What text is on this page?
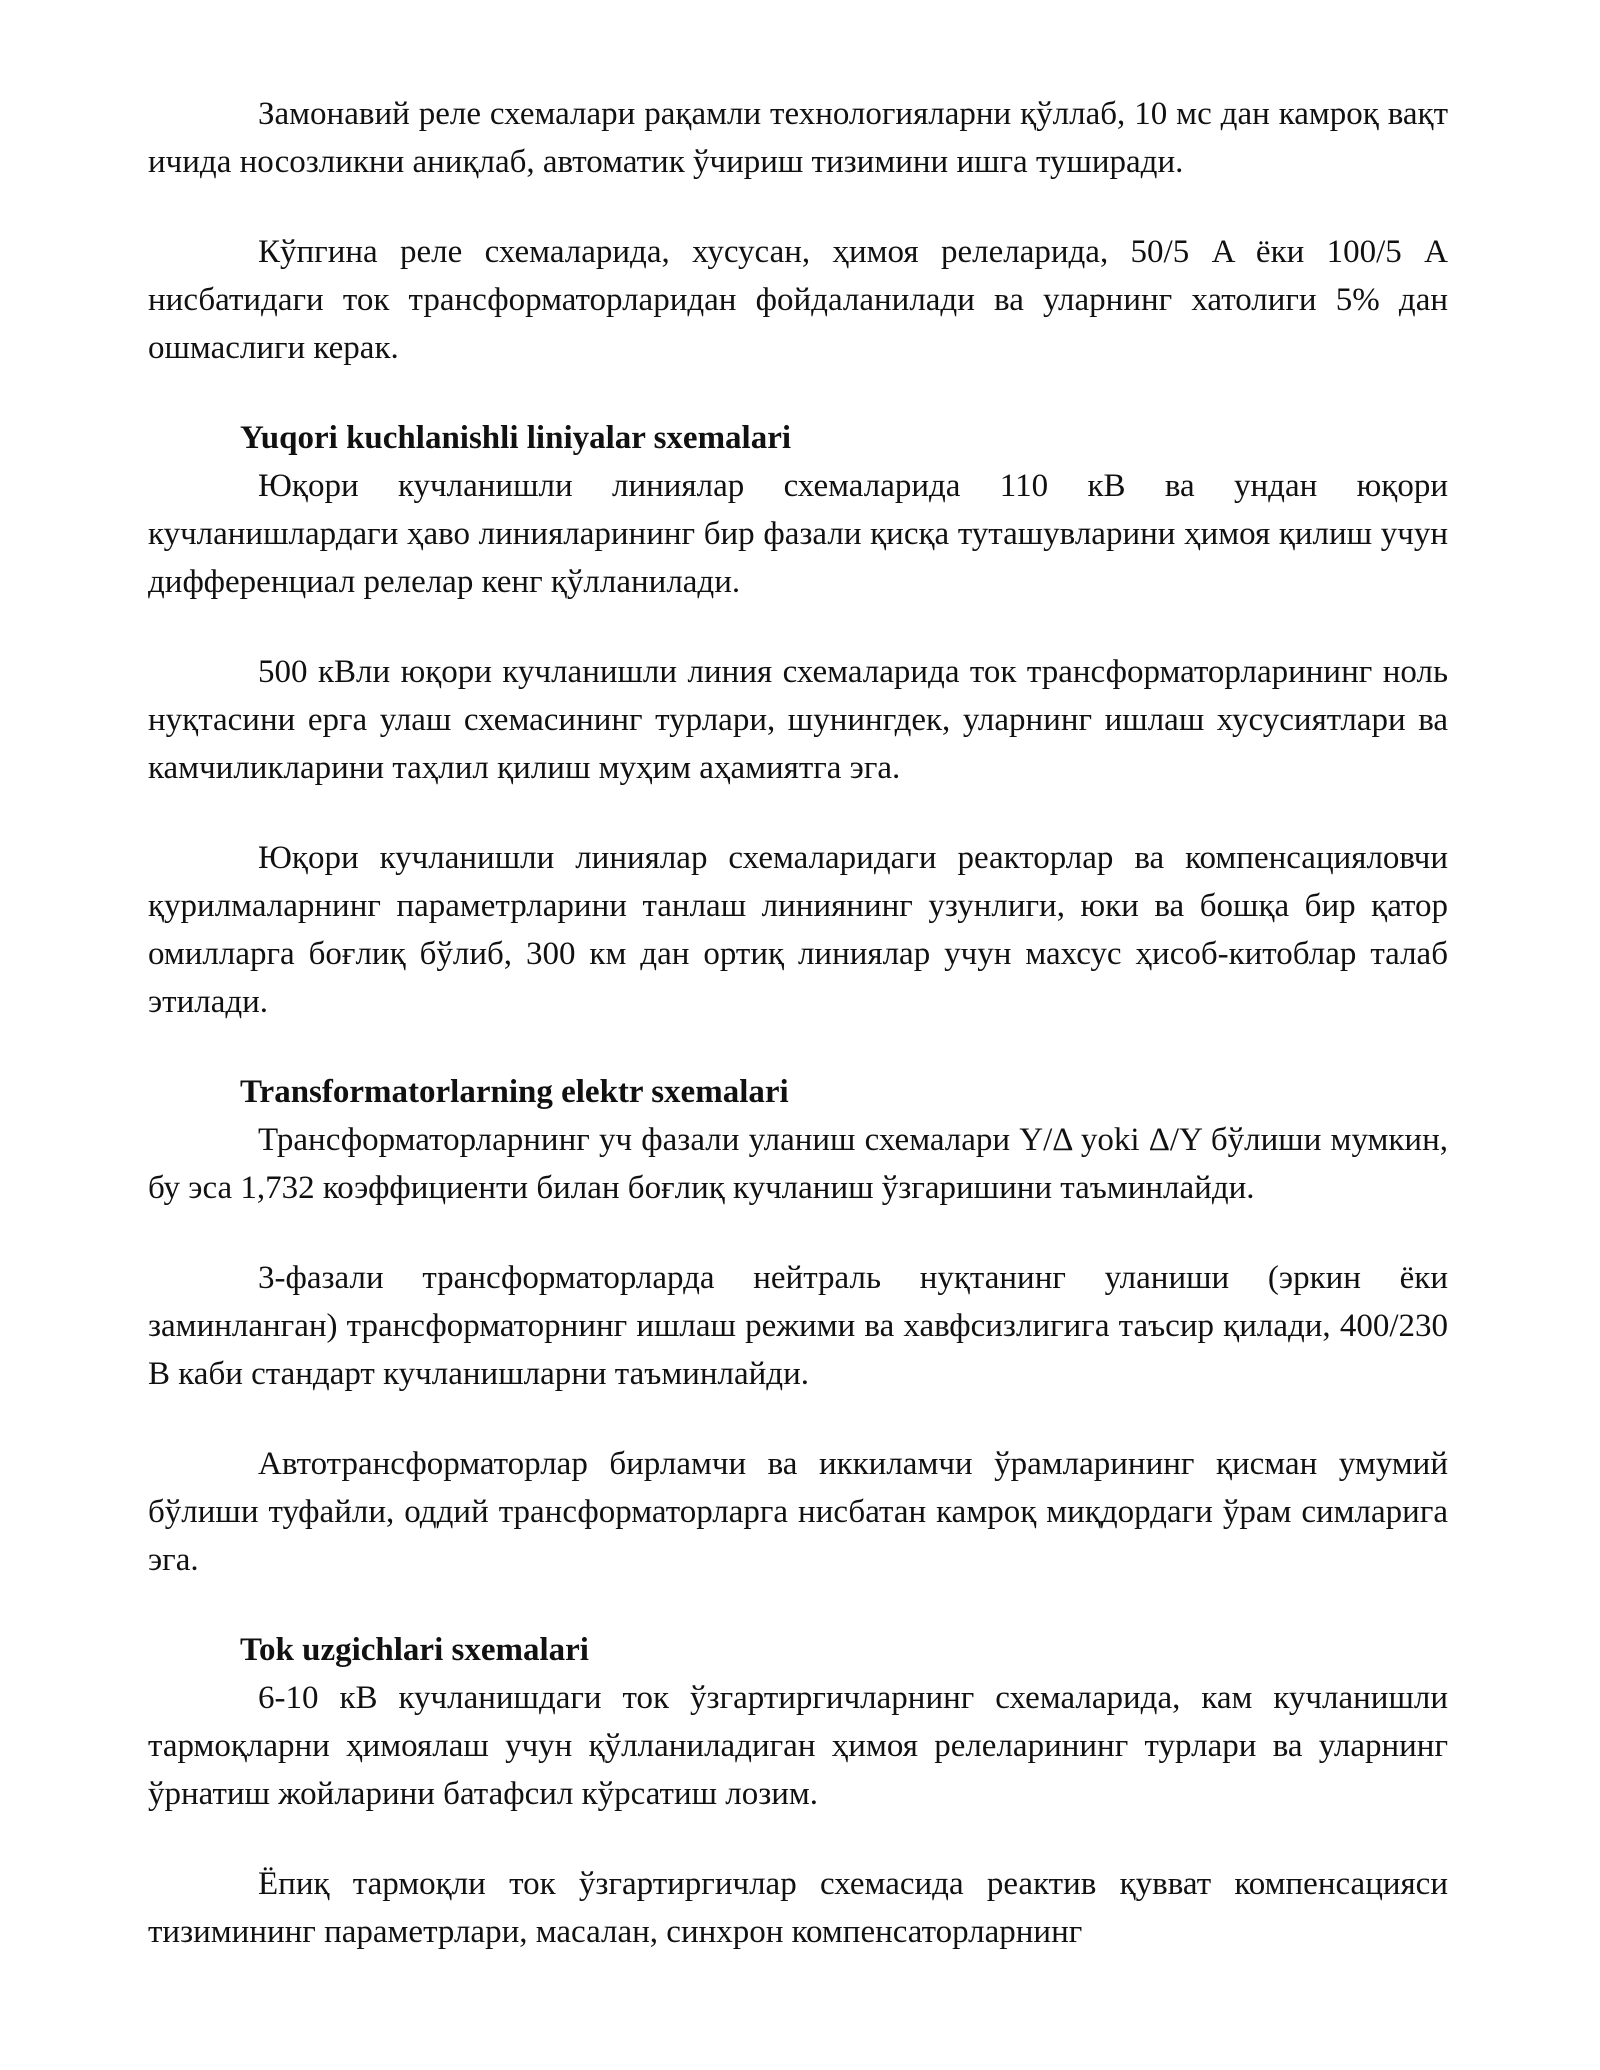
Замонавий реле схемалари рақамли технологияларни қўллаб, 10 мс дан камроқ вақт ичида носозликни аниқлаб, автоматик ўчириш тизимини ишга туширади.

Кўпгина реле схемаларида, хусусан, ҳимоя релеларида, 50/5 A ёки 100/5 A нисбатидаги ток трансформаторларидан фойдаланилади ва уларнинг хатолиги 5% дан ошмаслиги керак.

Yuqori kuchlanishli liniyalar sxemalari

Юқори кучланишли линиялар схемаларида 110 кВ ва ундан юқори кучланишлардаги ҳаво линияларининг бир фазали қисқа туташувларини ҳимоя қилиш учун дифференциал релелар кенг қўлланилади.

500 кВли юқори кучланишли линия схемаларида ток трансформаторларининг ноль нуқтасини ерга улаш схемасининг турлари, шунингдек, уларнинг ишлаш хусусиятлари ва камчиликларини таҳлил қилиш муҳим аҳамиятга эга.

Юқори кучланишли линиялар схемаларидаги реакторлар ва компенсацияловчи қурилмаларнинг параметрларини танлаш линиянинг узунлиги, юки ва бошқа бир қатор омилларга боғлиқ бўлиб, 300 км дан ортиқ линиялар учун махсус ҳисоб-китоблар талаб этилади.

Transformatorlarning elektr sxemalari

Трансформаторларнинг уч фазали уланиш схемалари Y/Δ yoki Δ/Y бўлиши мумкин, бу эса 1,732 коэффициенти билан боғлиқ кучланиш ўзгаришини таъминлайди.

3-фазали трансформаторларда нейтраль нуқтанинг уланиши (эркин ёки заминланган) трансформаторнинг ишлаш режими ва хавфсизлигига таъсир қилади, 400/230 В каби стандарт кучланишларни таъминлайди.

Автотрансформаторлар бирламчи ва иккиламчи ўрамларининг қисман умумий бўлиши туфайли, оддий трансформаторларга нисбатан камроқ миқдордаги ўрам симларига эга.

Tok uzgichlari sxemalari

6-10 кВ кучланишдаги ток ўзгартиргичларнинг схемаларида, кам кучланишли тармоқларни ҳимоялаш учун қўлланиладиган ҳимоя релеларининг турлари ва уларнинг ўрнатиш жойларини батафсил кўрсатиш лозим.

Ёпиқ тармоқли ток ўзгартиргичлар схемасида реактив қувват компенсацияси тизимининг параметрлари, масалан, синхрон компенсаторларнинг
